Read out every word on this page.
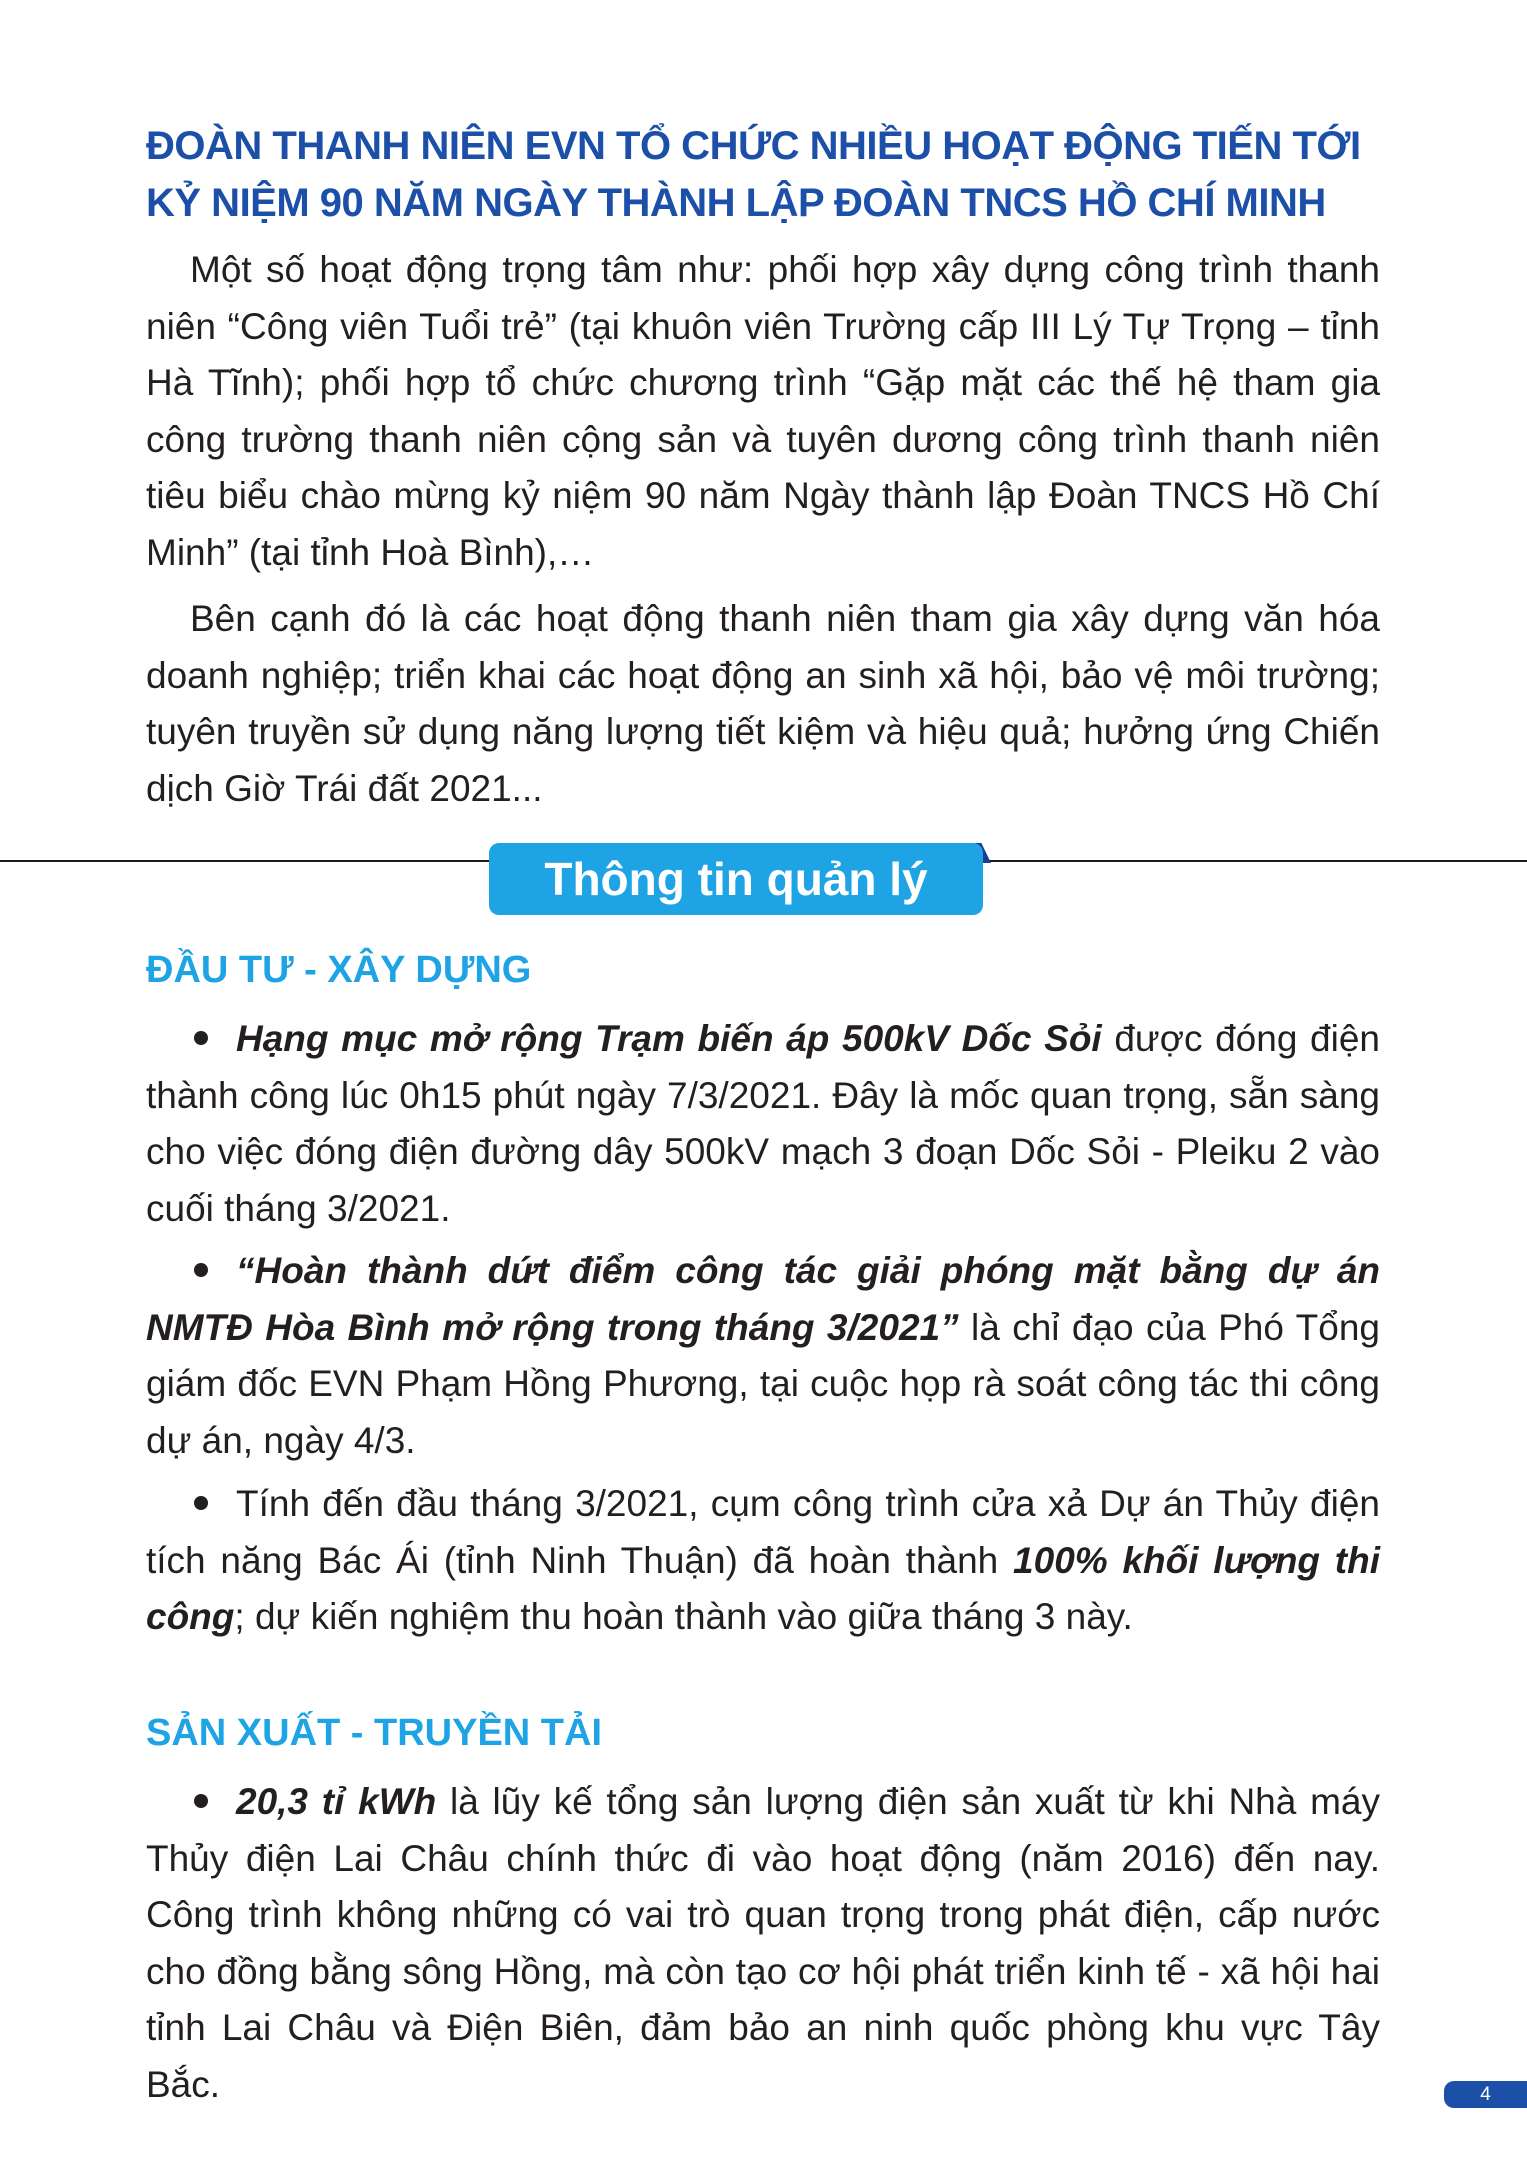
ĐOÀN THANH NIÊN EVN TỔ CHỨC NHIỀU HOẠT ĐỘNG TIẾN TỚI KỶ NIỆM 90 NĂM NGÀY THÀNH LẬP ĐOÀN TNCS HỒ CHÍ MINH

Một số hoạt động trọng tâm như: phối hợp xây dựng công trình thanh niên “Công viên Tuổi trẻ” (tại khuôn viên Trường cấp III Lý Tự Trọng – tỉnh Hà Tĩnh); phối hợp tổ chức chương trình “Gặp mặt các thế hệ tham gia công trường thanh niên cộng sản và tuyên dương công trình thanh niên tiêu biểu chào mừng kỷ niệm 90 năm Ngày thành lập Đoàn TNCS Hồ Chí Minh” (tại tỉnh Hoà Bình),…

Bên cạnh đó là các hoạt động thanh niên tham gia xây dựng văn hóa doanh nghiệp; triển khai các hoạt động an sinh xã hội, bảo vệ môi trường; tuyên truyền sử dụng năng lượng tiết kiệm và hiệu quả; hưởng ứng Chiến dịch Giờ Trái đất 2021...

Thông tin quản lý
ĐẦU TƯ - XÂY DỰNG

Hạng mục mở rộng Trạm biến áp 500kV Dốc Sỏi được đóng điện thành công lúc 0h15 phút ngày 7/3/2021. Đây là mốc quan trọng, sẵn sàng cho việc đóng điện đường dây 500kV mạch 3 đoạn Dốc Sỏi - Pleiku 2 vào cuối tháng 3/2021.

“Hoàn thành dứt điểm công tác giải phóng mặt bằng dự án NMTĐ Hòa Bình mở rộng trong tháng 3/2021” là chỉ đạo của Phó Tổng giám đốc EVN Phạm Hồng Phương, tại cuộc họp rà soát công tác thi công dự án, ngày 4/3.

Tính đến đầu tháng 3/2021, cụm công trình cửa xả Dự án Thủy điện tích năng Bác Ái (tỉnh Ninh Thuận) đã hoàn thành 100% khối lượng thi công; dự kiến nghiệm thu hoàn thành vào giữa tháng 3 này.

SẢN XUẤT - TRUYỀN TẢI

20,3 tỉ kWh là lũy kế tổng sản lượng điện sản xuất từ khi Nhà máy Thủy điện Lai Châu chính thức đi vào hoạt động (năm 2016) đến nay. Công trình không những có vai trò quan trọng trong phát điện, cấp nước cho đồng bằng sông Hồng, mà còn tạo cơ hội phát triển kinh tế - xã hội hai tỉnh Lai Châu và Điện Biên, đảm bảo an ninh quốc phòng khu vực Tây Bắc.	4
